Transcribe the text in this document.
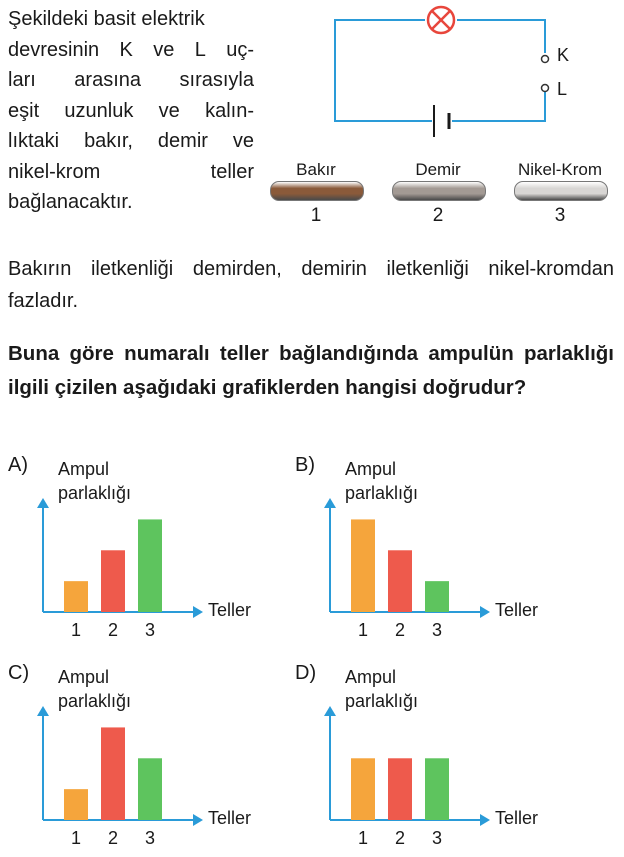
Şekildeki basit elektrik
devresinin K ve L uç-
ları arasına sırasıyla
eşit uzunluk ve kalın-
lıktaki bakır, demir ve
nikel-krom	teller
bağlanacaktır.
K
L
Bakır
1
Demir
2
Nikel-Krom
3
Bakırın iletkenliği demirden, demirin iletkenliği nikel-kromdan fazladır.
Buna göre numaralı teller bağlandığında ampulün parlaklığı ilgili çizilen aşağıdaki grafiklerden hangisi doğrudur?
A) Ampul
parlaklığı
1	2	3
Teller
B) Ampul
parlaklığı
1	2	3
Teller
C) Ampul
parlaklığı
1	2	3
Teller
D) Ampul
parlaklığı
1	2	3
Teller
